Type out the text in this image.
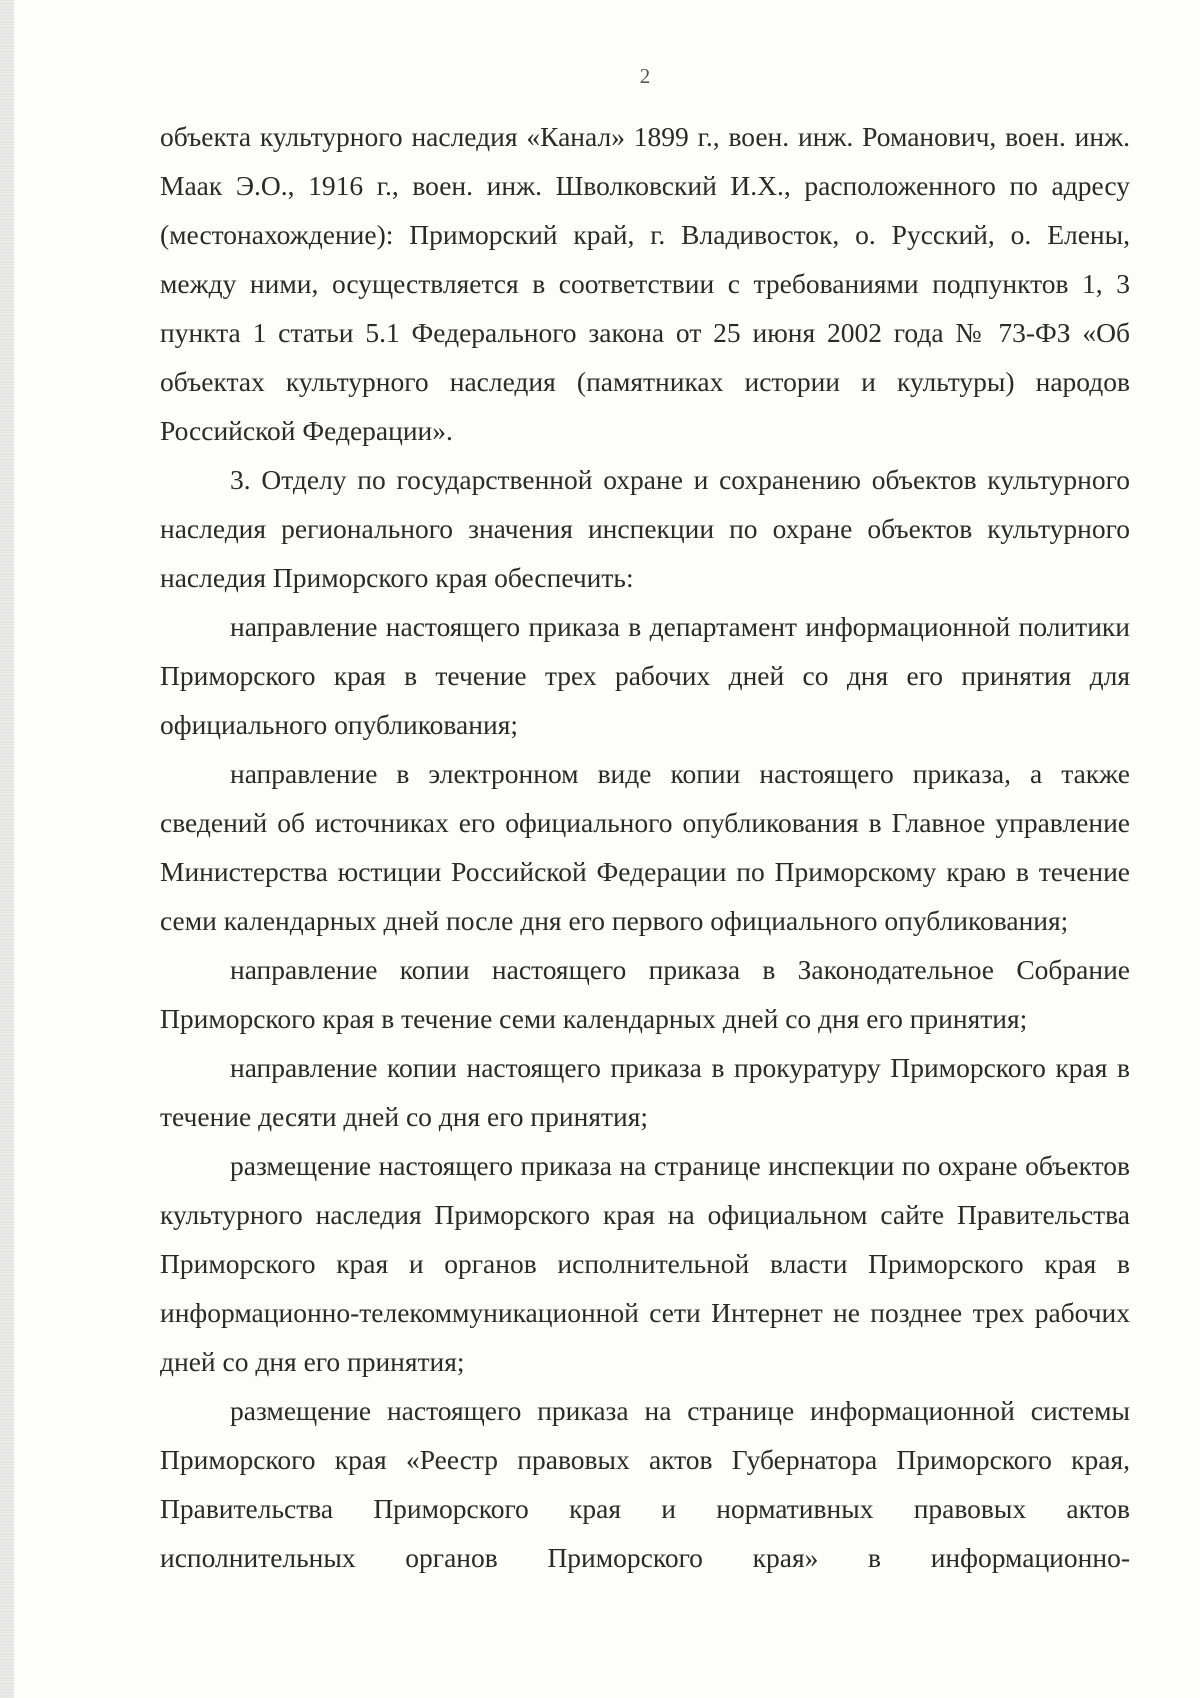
2

объекта культурного наследия «Канал» 1899 г., воен. инж. Романович, воен. инж. Маак Э.О., 1916 г., воен. инж. Шволковский И.Х., расположенного по адресу (местонахождение): Приморский край, г. Владивосток, о. Русский, о. Елены, между ними, осуществляется в соответствии с требованиями подпунктов 1, 3 пункта 1 статьи 5.1 Федерального закона от 25 июня 2002 года № 73-ФЗ «Об объектах культурного наследия (памятниках истории и культуры) народов Российской Федерации».

3. Отделу по государственной охране и сохранению объектов культурного наследия регионального значения инспекции по охране объектов культурного наследия Приморского края обеспечить:

направление настоящего приказа в департамент информационной политики Приморского края в течение трех рабочих дней со дня его принятия для официального опубликования;

направление в электронном виде копии настоящего приказа, а также сведений об источниках его официального опубликования в Главное управление Министерства юстиции Российской Федерации по Приморскому краю в течение семи календарных дней после дня его первого официального опубликования;

направление копии настоящего приказа в Законодательное Собрание Приморского края в течение семи календарных дней со дня его принятия;

направление копии настоящего приказа в прокуратуру Приморского края в течение десяти дней со дня его принятия;

размещение настоящего приказа на странице инспекции по охране объектов культурного наследия Приморского края на официальном сайте Правительства Приморского края и органов исполнительной власти Приморского края в информационно-телекоммуникационной сети Интернет не позднее трех рабочих дней со дня его принятия;

размещение настоящего приказа на странице информационной системы Приморского края «Реестр правовых актов Губернатора Приморского края, Правительства Приморского края и нормативных правовых актов исполнительных органов Приморского края» в информационно-
